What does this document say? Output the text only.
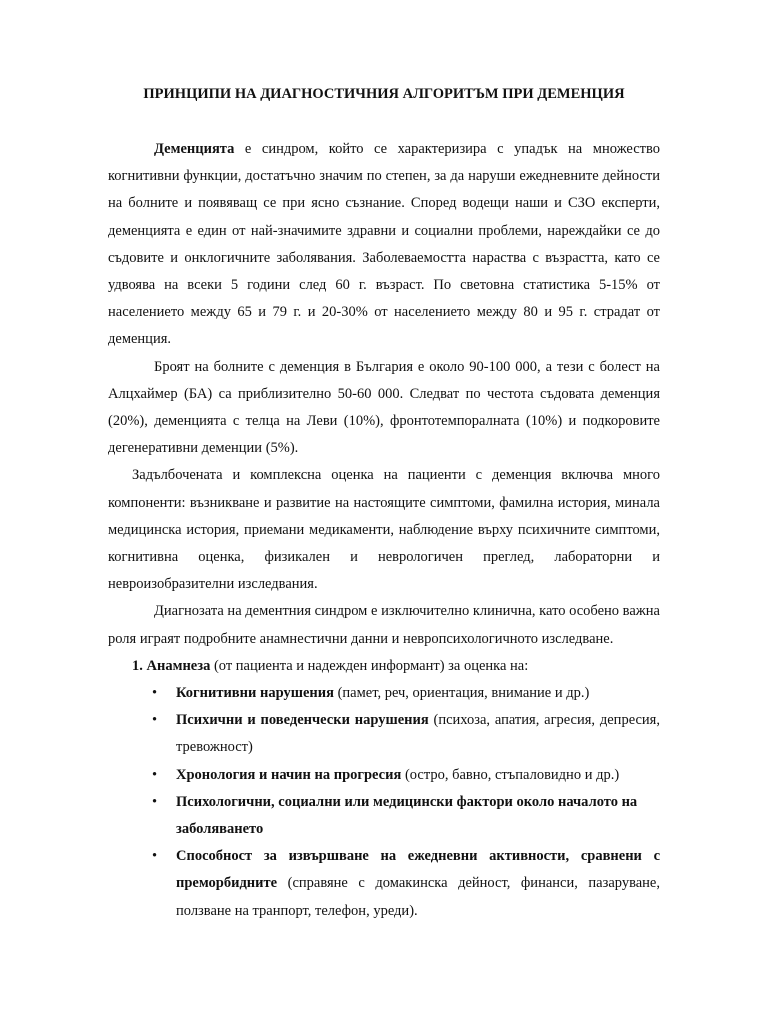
ПРИНЦИПИ НА ДИАГНОСТИЧНИЯ АЛГОРИТЪМ ПРИ ДЕМЕНЦИЯ

Деменцията е синдром, който се характеризира с упадък на множество когнитивни функции, достатъчно значим по степен, за да наруши ежедневните дейности на болните и появяващ се при ясно съзнание. Според водещи наши и СЗО експерти, деменцията е един от най-значимите здравни и социални проблеми, нареждайки се до съдовите и онклогичните заболявания. Заболеваемостта нараства с възрастта, като се удвоява на всеки 5 години след 60 г. възраст. По световна статистика 5-15% от населението между 65 и 79 г. и 20-30% от населението между 80 и 95 г. страдат от деменция.

Броят на болните с деменция в България е около 90-100 000, а тези с болест на Алцхаймер (БА) са приблизително 50-60 000. Следват по честота съдовата деменция (20%), деменцията с телца на Леви (10%), фронтотемпоралната (10%) и подкоровите дегенеративни деменции (5%).

Задълбочената и комплексна оценка на пациенти с деменция включва много компоненти: възникване и развитие на настоящите симптоми, фамилна история, минала медицинска история, приемани медикаменти, наблюдение върху психичните симптоми, когнитивна оценка, физикален и неврологичен преглед, лабораторни и невроизобразителни изследвания.

Диагнозата на дементния синдром е изключително клинична, като особено важна роля играят подробните анамнестични данни и невропсихологичното изследване.

1. Анамнеза (от пациента и надежден информант) за оценка на:

• Когнитивни нарушения (памет, реч, ориентация, внимание и др.)
• Психични и поведенчески нарушения (психоза, апатия, агресия, депресия, тревожност)
• Хронология и начин на прогресия (остро, бавно, стъпаловидно и др.)
• Психологични, социални или медицински фактори около началото на заболяването
• Способност за извършване на ежедневни активности, сравнени с преморбидните (справяне с домакинска дейност, финанси, пазаруване, ползване на транпорт, телефон, уреди).
